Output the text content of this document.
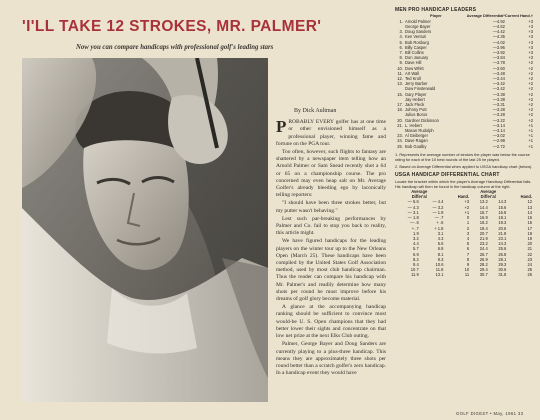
'I'LL TAKE 12 STROKES, MR. PALMER'
Now you can compare handicaps with professional golf's leading stars
By Dick Aultman

PROBABLY EVERY golfer has at one time or other envisioned himself as a professional player, winning fame and fortune on the PGA tour.

Too often, however, such flights to fantasy are shattered by a newspaper item telling how an Arnold Palmer or Sam Snead recently shot a 64 or 65 on a championship course. The pro concerned may even heap salt on Mr. Average Golfer's already bleeding ego by laconically telling reporters:

"I should have been three strokes better, but my putter wasn't behaving."

Lest such par-breaking performances by Palmer and Co. fail to stop you back to reality, this article might.

We have figured handicaps for the leading players on the winter tour up to the New Orleans Open (March 25). These handicaps have been compiled by the United States Golf Association method, used by most club handicap chairman. Thus the reader can compare his handicap with Mr. Palmer's and readily determine how many shots per round he must improve before his dreams of golf glory become material.

A glance at the accompanying handicap ranking should be sufficient to convince most would-be U. S. Open champions that they had better lower their sights and concentrate on that low net prize at the next Elks Club outing.

Palmer, George Bayer and Doug Sanders are currently playing to a plus-three handicap. This means they are approximately three shots per round better than a scratch golfer's zero handicap. In a handicap event they would have

MEN PRO HANDICAP LEADERS
	Player	Average Differential*	Current Hand.†
1.	Arnold Palmer	—4.92	+3
	George Bayer	—4.52	+3
3.	Doug Sanders	—4.42	+3
4.	Ken Venturi	—4.35	+3
5.	Bob Rosburg	—4.02	+3
6.	Billy Casper	—3.96	+3
7.	Bill Collins	—3.92	+3
8.	Don January	—3.84	+3
9.	Dave Hill	—3.78	+2
10.	Dow Whitt	—3.60	+2
11.	Art Wall	—3.48	+2
12.	Ted Kroll	—3.44	+2
13.	Jerry Barber	—3.42	+2
	Dow Finsterwald	—3.42	+2
15.	Gary Player	—3.38	+2
	Jay Hebert	—3.38	+2
17.	Jack Fleck	—3.31	+2
18.	Johnny Pott	—3.28	+2
	Julius Boros	—3.28	+2
20.	Gardner Dickinson	—3.22	+2
21.	L. Hebert	—3.14	+1
	Mason Rudolph	—3.14	+1
23.	Al Geiberger	—3.02	+1
24.	Dave Ragan	—2.98	+1
25.	Bob Goalby	—2.72	+1

1. Represents the average number of strokes the player was below the course rating for each of the 10 best rounds of the last 25 he played.

2. Based on Average Differential when applied to USGA handicap chart (below).

USGA HANDICAP DIFFERENTIAL CHART
Locate the bracket within which the player's Average Handicap Differential falls. His handicap will then be found in the handicap column at the right.
Average			Average		
Differ'al		Hand.	Differ'al		Hand.
— 5.6	— 4.4	+3	13.2	14.3	12
— 4.3	— 3.2	+2	14.4	15.6	13
— 3.1	— 1.9	+1	15.7	16.8	14
— 1.8	— .7	0	16.9	18.1	15
— .6	+ .6	1	18.2	19.3	16
+ .7	+ 1.8	2	19.4	20.6	17
1.9	3.1	3	20.7	21.8	18
3.2	4.3	4	21.9	23.1	19
4.4	5.6	5	23.2	24.3	20
5.7	6.8	6	24.4	25.6	21
6.9	8.1	7	25.7	26.8	22
8.2	9.3	8	26.9	28.1	23
9.4	10.6	9	28.2	29.3	24
10.7	11.8	10	29.4	30.6	25
11.9	13.1	11	30.7	31.8	26
GOLF DIGEST • May, 1961 33
